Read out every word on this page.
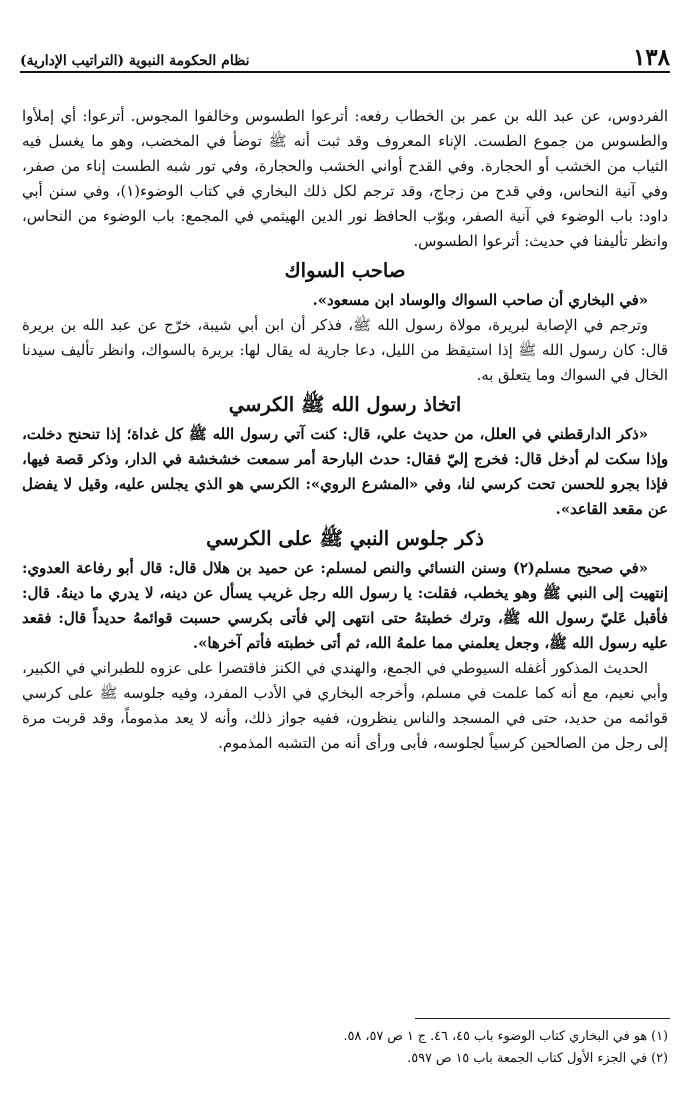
١٣٨
نظام الحكومة النبوية (التراتيب الإدارية)

الفردوس، عن عبد الله بن عمر بن الخطاب رفعه: أترعوا الطسوس وخالفوا المجوس. أترعوا: أي إملأوا والطسوس من جموع الطست. الإناء المعروف وقد ثبت أنه ﷺ توضأ في المخضب، وهو ما يغسل فيه الثياب من الخشب أو الحجارة. وفي القدح أواني الخشب والحجارة، وفي تور شبه الطست إناء من صفر، وفي آنية النحاس، وفي قدح من زجاج، وقد ترجم لكل ذلك البخاري في كتاب الوضوء(١)، وفي سنن أبي داود: باب الوضوء في آنية الصفر، وبوّب الحافظ نور الدين الهيثمي في المجمع: باب الوضوء من النحاس، وانظر تأليفنا في حديث: أترعوا الطسوس.

صاحب السواك

«في البخاري أن صاحب السواك والوساد ابن مسعود».

وترجم في الإصابة لبريرة، مولاة رسول الله ﷺ، فذكر أن ابن أبي شيبة، خرّج عن عبد الله بن بريرة قال: كان رسول الله ﷺ إذا استيقظ من الليل، دعا جارية له يقال لها: بريرة بالسواك، وانظر تأليف سيدنا الخال في السواك وما يتعلق به.

اتخاذ رسول الله ﷺ الكرسي

«ذكر الدارقطني في العلل، من حديث علي، قال: كنت آتي رسول الله ﷺ كل غداة؛ إذا تنحنح دخلت، وإذا سكت لم أدخل قال: فخرج إليّ فقال: حدث البارحة أمر سمعت خشخشة في الدار، وذكر قصة فيها، فإذا بجرو للحسن تحت كرسي لنا، وفي «المشرع الروي»: الكرسي هو الذي يجلس عليه، وقيل لا يفضل عن مقعد القاعد».

ذكر جلوس النبي ﷺ على الكرسي

«في صحيح مسلم(٢) وسنن النسائي والنص لمسلم: عن حميد بن هلال قال: قال أبو رفاعة العدوي: إنتهيت إلى النبي ﷺ وهو يخطب، فقلت: يا رسول الله رجل غريب يسأل عن دينه، لا يدري ما دينهُ. قال: فأقبل عَليّ رسول الله ﷺ، وترك خطبتهُ حتى انتهى إلي فأتى بكرسي حسبت قوائمهُ حديداً قال: فقعد عليه رسول الله ﷺ، وجعل يعلمني مما علمهُ الله، ثم أتى خطبته فأتم آخرها».

الحديث المذكور أغفله السيوطي في الجمع، والهندي في الكنز فاقتصرا على عزوه للطبراني في الكبير، وأبي نعيم، مع أنه كما علمت في مسلم، وأخرجه البخاري في الأدب المفرد، وفيه جلوسه ﷺ على كرسي قوائمه من حديد، حتى في المسجد والناس ينظرون، ففيه جواز ذلك، وأنه لا يعد مذموماً، وقد قربت مرة إلى رجل من الصالحين كرسياً لجلوسه، فأبى ورأى أنه من التشبه المذموم.

(١) هو في البخاري كتاب الوضوء باب ٤٥، ٤٦. ج ١ ص ٥٧، ٥٨.
(٢) في الجزء الأول كتاب الجمعة باب ١٥ ص ٥٩٧.
